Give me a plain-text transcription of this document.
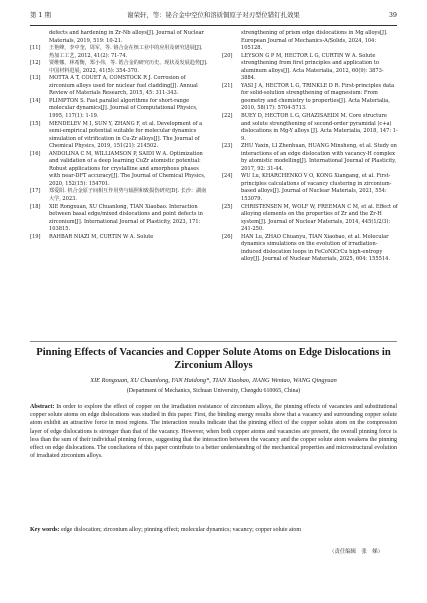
第 1 期	谢荣轩，等：铋合金中空位和溶质铜原子对刃型位错钉扎效果	39
defects and hardening in Zr-Nb alloys[J]. Journal of Nuclear Materials, 2019, 519: 10-21.
[11] 王艳峰，李中奎，周军，等. 铬合金在核工业中的应用及研究进展[J]. 热加工工艺, 2012, 41(2): 71-74.
[12] 贾维娜，林希衡，郑小伟，等. 锆合金的研究历史、现状及发展趋势[J]. 中国材料进展, 2022, 41(5): 354-370.
[13] MOTTA A T, COUET A, COMSTOCK R J. Corrosion of zirconium alloys used for nuclear fuel cladding[J]. Annual Review of Materials Research, 2015, 45: 311-343.
[14] PLIMPTON S. Fast parallel algorithms for short-range molecular dynamics[J]. Journal of Computational Physics, 1995, 117(1): 1-19.
[15] MENDELEV M I, SUN Y, ZHANG F, et al. Development of a semi-empirical potential suitable for molecular dynamics simulation of vitrification in Cu-Zr alloys[J]. The Journal of Chemical Physics, 2019, 151(21): 214502.
[16] ANDOLINA C M, WILLIAMSON P, SAIDI W A. Optimization and validation of a deep learning CuZr atomistic potential: Robust applications for crystalline and amorphous phases with near-DFT accuracy[J]. The Journal of Chemical Physics, 2020, 152(15): 154701.
[17] 郑爱阳. 机合金原子间相互作用势与辐照和致损伤研究[D]. 长沙：湖南大学, 2023.
[18] XIE Rongxuan, XU Chuanlong, TIAN Xiaobao. Interaction between basal edge/mixed dislocations and point defects in zirconium[J]. International Journal of Plasticity, 2023, 171: 103815.
[19] RAHBAR NIAZI M, CURTIN W A. Solute
strengthening of prism edge dislocations in Mg alloys[J]. European Journal of Mechanics-A/Solids, 2024, 104: 105128.
[20] LEYSON G P M, HECTOR L G, CURTIN W A. Solute strengthening from first principles and application to aluminum alloys[J]. Acta Materialia, 2012, 60(9): 3873-3884.
[21] YASI J A, HECTOR L G, TRINKLE D R. First-principles data for solid-solution strengthening of magnesium: From geometry and chemistry to properties[J]. Acta Materialia, 2010, 58(17): 5704-5713.
[22] BUEY D, HECTOR L G, GHAZISAEIDI M. Core structure and solute strengthening of second-order pyramidal ⟨c+a⟩ dislocations in Mg-Y alloys [J]. Acta Materialia, 2018, 147: 1-9.
[23] ZHU Yaxin, LI Zhenhuan, HUANG Minsheng, et al. Study on interactions of an edge dislocation with vacancy-H complex by atomistic modelling[J]. International Journal of Plasticity, 2017, 92: 31-44.
[24] WU Lu, KHARCHENKO V O, KONG Xiangang, et al. First-principles calculations of vacancy clustering in zirconium-based alloys[J]. Journal of Nuclear Materials, 2021, 554: 153079.
[25] CHRISTENSEN M, WOLF W, FREEMAN C M, et al. Effect of alloying elements on the properties of Zr and the Zr-H system[J]. Journal of Nuclear Materials, 2014, 445(1/2/3): 241-250.
[26] HAN Lu, ZHAO Chuanyu, TIAN Xiaobao, et al. Molecular dynamics simulations on the evolution of irradiation-induced dislocation loops in FeCoNiCrCu high-entropy alloy[J]. Journal of Nuclear Materials, 2025, 604: 155514.
Pinning Effects of Vacancies and Copper Solute Atoms on Edge Dislocations in Zirconium Alloys
XIE Rongxuan, XU Chuanlong, FAN Haidong*, TIAN Xiaobao, JIANG Wentao, WANG Qingyuan
(Department of Mechanics, Sichuan University, Chengdu 610065, China)
Abstract: In order to explore the effect of copper on the irradiation resistance of zirconium alloys, the pinning effects of vacancies and substitutional copper solute atoms on edge dislocations was studied in this paper. First, the binding energy results show that a vacancy and surrounding copper solute atom exhibit an attractive force in most regions. The interaction results indicate that the pinning effect of the copper solute atom on the compression layer of edge dislocations is stronger than that of the vacancy. However, when both copper atoms and vacancies are present, the overall pinning force is less than the sum of their individual pinning forces, suggesting that the interaction between the vacancy and the copper solute atom weakens the pinning effect on edge dislocations. The conclusions of this paper contribute to a better understanding of the mechanical properties and microstructural evolution of irradiated zirconium alloys.
Key words: edge dislocation; zirconium alloy; pinning effect; molecular dynamics; vacancy; copper solute atom
（责任编辑　张　娣）
